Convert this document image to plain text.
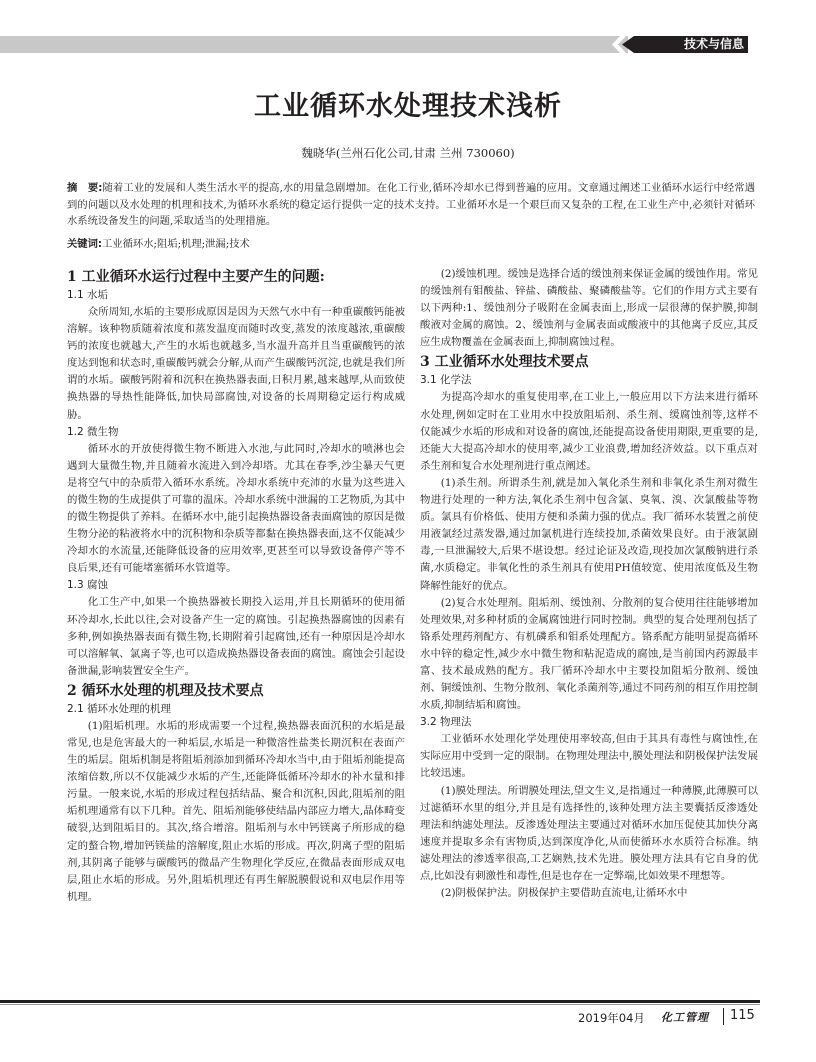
技术与信息
工业循环水处理技术浅析
魏晓华(兰州石化公司,甘肃 兰州 730060)
摘　要:随着工业的发展和人类生活水平的提高,水的用量急剧增加。在化工行业,循环冷却水已得到普遍的应用。文章通过阐述工业循环水运行中经常遇到的问题以及水处理的机理和技术,为循环水系统的稳定运行提供一定的技术支持。工业循环水是一个艰巨而又复杂的工程,在工业生产中,必须针对循环水系统设备发生的问题,采取适当的处理措施。
关键词:工业循环水;阻垢;机理;泄漏;技术
1 工业循环水运行过程中主要产生的问题:
1.1 水垢

众所周知,水垢的主要形成原因是因为天然气水中有一种重碳酸钙能被溶解。该种物质随着浓度和蒸发温度而随时改变,蒸发的浓度越浓,重碳酸钙的浓度也就越大,产生的水垢也就越多,当水温升高并且当重碳酸钙的浓度达到饱和状态时,重碳酸钙就会分解,从而产生碳酸钙沉淀,也就是我们所谓的水垢。碳酸钙附着和沉积在换热器表面,日积月累,越来越厚,从而致使换热器的导热性能降低,加快局部腐蚀,对设备的长周期稳定运行构成威胁。

1.2 微生物

循环水的开放使得微生物不断进入水池,与此同时,冷却水的喷淋也会遇到大量微生物,并且随着水流进入到冷却塔。尤其在春季,沙尘暴天气更是将空气中的杂质带入循环水系统。冷却水系统中充沛的水量为这些进入的微生物的生成提供了可靠的温床。冷却水系统中泄漏的工艺物质,为其中的微生物提供了养料。在循环水中,能引起换热器设备表面腐蚀的原因是微生物分泌的粘液将水中的沉积物和杂质等都黏在换热器表面,这不仅能减少冷却水的水流量,还能降低设备的应用效率,更甚至可以导致设备停产等不良后果,还有可能堵塞循环水管道等。

1.3 腐蚀

化工生产中,如果一个换热器被长期投入运用,并且长期循环的使用循环冷却水,长此以往,会对设备产生一定的腐蚀。引起换热器腐蚀的因素有多种,例如换热器表面有微生物,长期附着引起腐蚀,还有一种原因是冷却水可以溶解氧、氯离子等,也可以造成换热器设备表面的腐蚀。腐蚀会引起设备泄漏,影响装置安全生产。

2 循环水处理的机理及技术要点
2.1 循环水处理的机理

(1)阻垢机理。水垢的形成需要一个过程,换热器表面沉积的水垢是最常见,也是危害最大的一种垢层,水垢是一种微溶性盐类长期沉积在表面产生的垢层。阻垢机制是将阻垢剂添加到循环冷却水当中,由于阻垢剂能提高浓缩倍数,所以不仅能减少水垢的产生,还能降低循环冷却水的补水量和排污量。一般来说,水垢的形成过程包括结晶、聚合和沉积,因此,阻垢剂的阻垢机理通常有以下几种。首先、阻垢剂能够使结晶内部应力增大,晶体畸变破裂,达到阻垢目的。其次,络合增溶。阻垢剂与水中钙镁离子所形成的稳定的螯合物,增加钙镁盐的溶解度,阻止水垢的形成。再次,阴离子型的阻垢剂,其阴离子能够与碳酸钙的微晶产生物理化学反应,在微晶表面形成双电层,阻止水垢的形成。另外,阻垢机理还有再生解脱膜假说和双电层作用等机理。

(2)缓蚀机理。缓蚀是选择合适的缓蚀剂来保证金属的缓蚀作用。常见的缓蚀剂有钼酸盐、锌盐、磷酸盐、聚磷酸盐等。它们的作用方式主要有以下两种:1、缓蚀剂分子吸附在金属表面上,形成一层很薄的保护膜,抑制酸液对金属的腐蚀。2、缓蚀剂与金属表面或酸液中的其他离子反应,其反应生成物覆盖在金属表面上,抑制腐蚀过程。

3 工业循环水处理技术要点
3.1 化学法

为提高冷却水的重复使用率,在工业上,一般应用以下方法来进行循环水处理,例如定时在工业用水中投放阻垢剂、杀生剂、缓腐蚀剂等,这样不仅能减少水垢的形成和对设备的腐蚀,还能提高设备使用期限,更重要的是,还能大大提高冷却水的使用率,减少工业浪费,增加经济效益。以下重点对杀生剂和复合水处理剂进行重点阐述。

(1)杀生剂。所谓杀生剂,就是加入氧化杀生剂和非氧化杀生剂对微生物进行处理的一种方法,氧化杀生剂中包含氯、臭氧、溴、次氯酸盐等物质。氯具有价格低、使用方便和杀菌力强的优点。我厂循环水装置之前使用液氯经过蒸发器,通过加氯机进行连续投加,杀菌效果良好。由于液氯剧毒,一旦泄漏较大,后果不堪设想。经过论证及改造,现投加次氯酸钠进行杀菌,水质稳定。非氧化性的杀生剂具有使用PH值较宽、使用浓度低及生物降解性能好的优点。

(2)复合水处理剂。阻垢剂、缓蚀剂、分散剂的复合使用往往能够增加处理效果,对多种材质的金属腐蚀进行同时控制。典型的复合处理剂包括了铬系处理药剂配方、有机磷系和钼系处理配方。铬系配方能明显提高循环水中锌的稳定性,减少水中微生物和粘泥造成的腐蚀,是当前国内药源最丰富、技术最成熟的配方。我厂循环冷却水中主要投加阻垢分散剂、缓蚀剂、铜缓蚀剂、生物分散剂、氧化杀菌剂等,通过不同药剂的相互作用控制水质,抑制结垢和腐蚀。

3.2 物理法

工业循环水处理化学处理使用率较高,但由于其具有毒性与腐蚀性,在实际应用中受到一定的限制。在物理处理法中,膜处理法和阴极保护法发展比较迅速。

(1)膜处理法。所谓膜处理法,望文生义,是指通过一种薄膜,此薄膜可以过滤循环水里的组分,并且是有选择性的,该种处理方法主要囊括反渗透处理法和纳滤处理法。反渗透处理法主要通过对循环水加压促使其加快分离速度并提取多余有害物质,达到深度净化,从而使循环水水质符合标准。纳滤处理法的渗透率很高,工艺娴熟,技术先进。膜处理方法具有它自身的优点,比如没有刺激性和毒性,但是也存在一定弊端,比如效果不理想等。

(2)阴极保护法。阴极保护主要借助直流电,让循环水中

2019年04月 化工管理 115
